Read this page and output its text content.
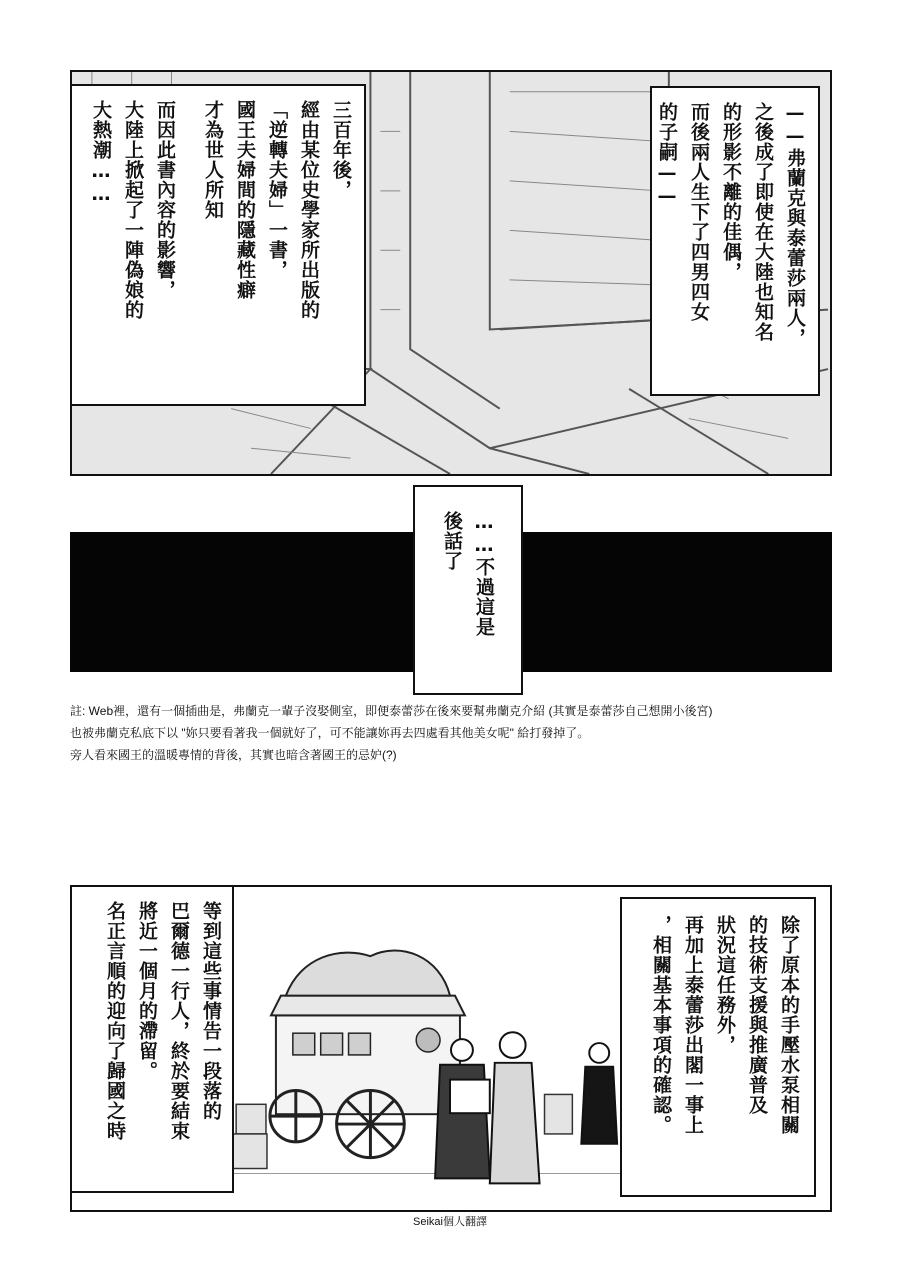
——弗蘭克與泰蕾莎兩人，
之後成了即使在大陸也知名
的形影不離的佳偶，
而後兩人生下了四男四女
的子嗣——
三百年後，
經由某位史學家所出版的
「逆轉夫婦」一書，
國王夫婦間的隱藏性癖
才為世人所知
而因此書內容的影響，
大陸上掀起了一陣偽娘的
大熱潮……
……不過這是
後話了
註: Web裡，還有一個插曲是，弗蘭克一輩子沒娶側室，即便泰蕾莎在後來要幫弗蘭克介紹 (其實是泰蕾莎自己想開小後宮)
也被弗蘭克私底下以 "妳只要看著我一個就好了，可不能讓妳再去四處看其他美女呢" 給打發掉了。
旁人看來國王的溫暖專情的背後，其實也暗含著國王的忌妒(?)
等到這些事情告一段落的
巴爾德一行人，終於要結束
將近一個月的滯留。
名正言順的迎向了歸國之時	除了原本的手壓水泵相關
的技術支援與推廣普及
狀況這任務外，
再加上泰蕾莎出閣一事上
，相關基本事項的確認。
Seikai個人翻譯
